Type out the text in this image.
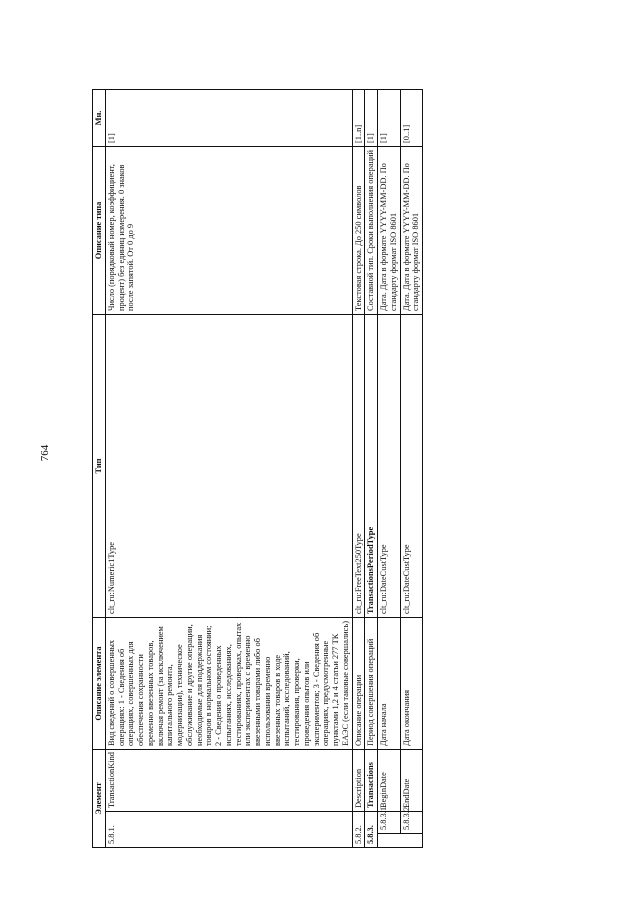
764
Элемент			Описание элемента	Тип	Описание типа	Мн.
5.8.1.		TransactionKind	Вид сведений о совершенных операциях: 1 - Сведения об операциях, совершенных для обеспечения сохранности временно ввезенных товаров, включая ремонт (за исключением капитального ремонта, модернизации), техническое обслуживание и другие операции, необходимые для поддержания товаров в нормальном состоянии; 2 - Сведения о проведенных испытаниях, исследованиях, тестированиях, проверках, опытах или экспериментах с временно ввезенными товарами либо об использовании временно ввезенных товаров в ходе испытаний, исследований, тестирования, проверки, проведения опытов или экспериментов; 3 - Сведения об операциях, предусмотренные пунктами 1,2 и 4 статьи 277 ТК ЕАЭС (если таковые совершались)	clt_ru:Numeric1Type	Число (порядковый номер, коэффициент, процент) без единиц измерения. 0 знаков после запятой. От 0 до 9	[1]
5.8.2.		Description	Описание операции	clt_ru:FreeText250Type	Текстовая строка. До 250 символов	[1..n]
5.8.3.		Transactions	Период совершения операций	TransactionsPeriodType	Составной тип. Сроки выполнения операций	[1]
	5.8.3.1.	BeginDate	Дата начала	clt_ru:DateCustType	Дата. Дата в формате YYYY-MM-DD. По стандарту формат ISO 8601	[1]
	5.8.3.2.	EndDate	Дата окончания	clt_ru:DateCustType	Дата. Дата в формате YYYY-MM-DD. По стандарту формат ISO 8601	[0..1]
